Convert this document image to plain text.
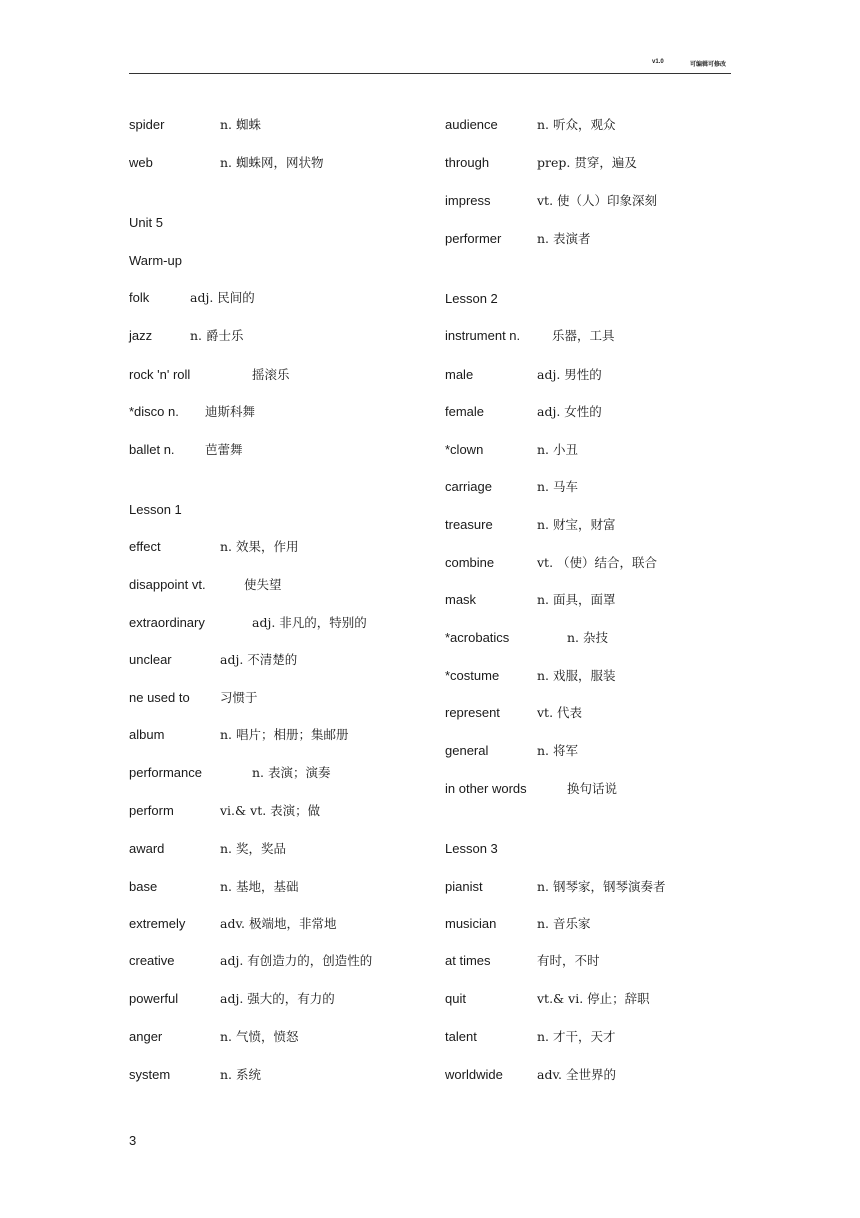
v1.0	可编辑可修改
spider	n. 蜘蛛
web	n. 蜘蛛网，网状物
Unit 5
Warm-up
folk	adj. 民间的
jazz	n. 爵士乐
rock 'n' roll	摇滚乐
*disco n. 迪斯科舞
ballet n. 芭蕾舞
Lesson 1
effect	n. 效果，作用
disappoint vt.	使失望
extraordinary	adj. 非凡的，特别的
unclear	adj. 不清楚的
ne used to 习惯于
album	n. 唱片；相册；集邮册
performance	n. 表演；演奏
perform	vi.& vt. 表演；做
award	n. 奖，奖品
base	n. 基地，基础
extremely	adv. 极端地，非常地
creative	adj. 有创造力的，创造性的
powerful	adj. 强大的，有力的
anger	n. 气愤，愤怒
system	n. 系统
audience	n. 听众，观众
through	prep. 贯穿，遍及
impress	vt. 使（人）印象深刻
performer	n. 表演者
Lesson 2
instrument n.	乐器，工具
male	adj. 男性的
female	adj. 女性的
*clown	n. 小丑
carriage	n. 马车
treasure	n. 财宝，财富
combine	vt. （使）结合，联合
mask	n. 面具，面罩
*acrobatics	n. 杂技
*costume	n. 戏服，服装
represent	vt. 代表
general	n. 将军
in other words	换句话说
Lesson 3
pianist	n. 钢琴家，钢琴演奏者
musician	n. 音乐家
at times	有时，不时
quit	vt.& vi. 停止；辞职
talent	n. 才干，天才
worldwide	adv. 全世界的
3
